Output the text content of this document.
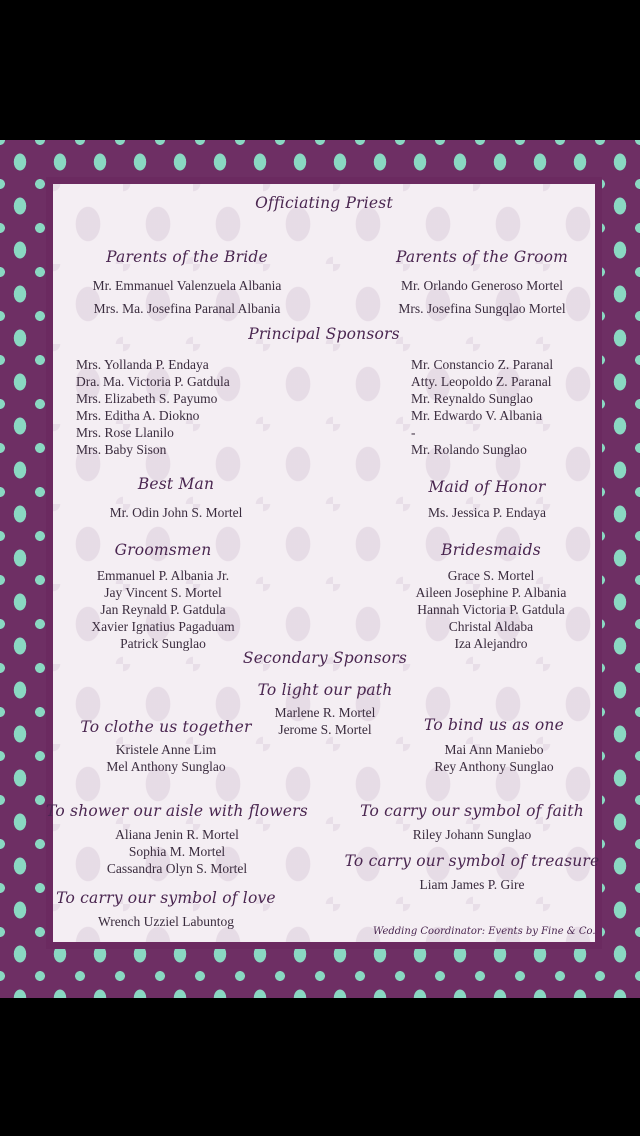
Officiating Priest
Parents of the Bride
Mr. Emmanuel Valenzuela Albania
Mrs. Ma. Josefina Paranal Albania
Parents of the Groom
Mr. Orlando Generoso Mortel
Mrs. Josefina Sungqlao Mortel
Principal Sponsors
Mrs. Yollanda P. Endaya
Dra. Ma. Victoria P. Gatdula
Mrs. Elizabeth S. Payumo
Mrs. Editha A. Diokno
Mrs. Rose Llanilo
Mrs. Baby Sison
Mr. Constancio Z. Paranal
Atty. Leopoldo Z. Paranal
Mr. Reynaldo Sunglao
Mr. Edwardo V. Albania
-
Mr. Rolando Sunglao
Best Man
Mr. Odin John S. Mortel
Maid of Honor
Ms. Jessica P. Endaya
Groomsmen
Emmanuel P. Albania Jr.
Jay Vincent S. Mortel
Jan Reynald P. Gatdula
Xavier Ignatius Pagaduam
Patrick Sunglao
Bridesmaids
Grace S. Mortel
Aileen Josephine P. Albania
Hannah Victoria P. Gatdula
Christal Aldaba
Iza Alejandro
Secondary Sponsors
To light our path
Marlene R. Mortel
Jerome S. Mortel
To clothe us together
Kristele Anne Lim
Mel Anthony Sunglao
To bind us as one
Mai Ann Maniebo
Rey Anthony Sunglao
To shower our aisle with flowers
Aliana Jenin R. Mortel
Sophia M. Mortel
Cassandra Olyn S. Mortel
To carry our symbol of faith
Riley Johann Sunglao
To carry our symbol of treasure
Liam James P. Gire
To carry our symbol of love
Wrench Uzziel Labuntog
Wedding Coordinator: Events by Fine & Co.
